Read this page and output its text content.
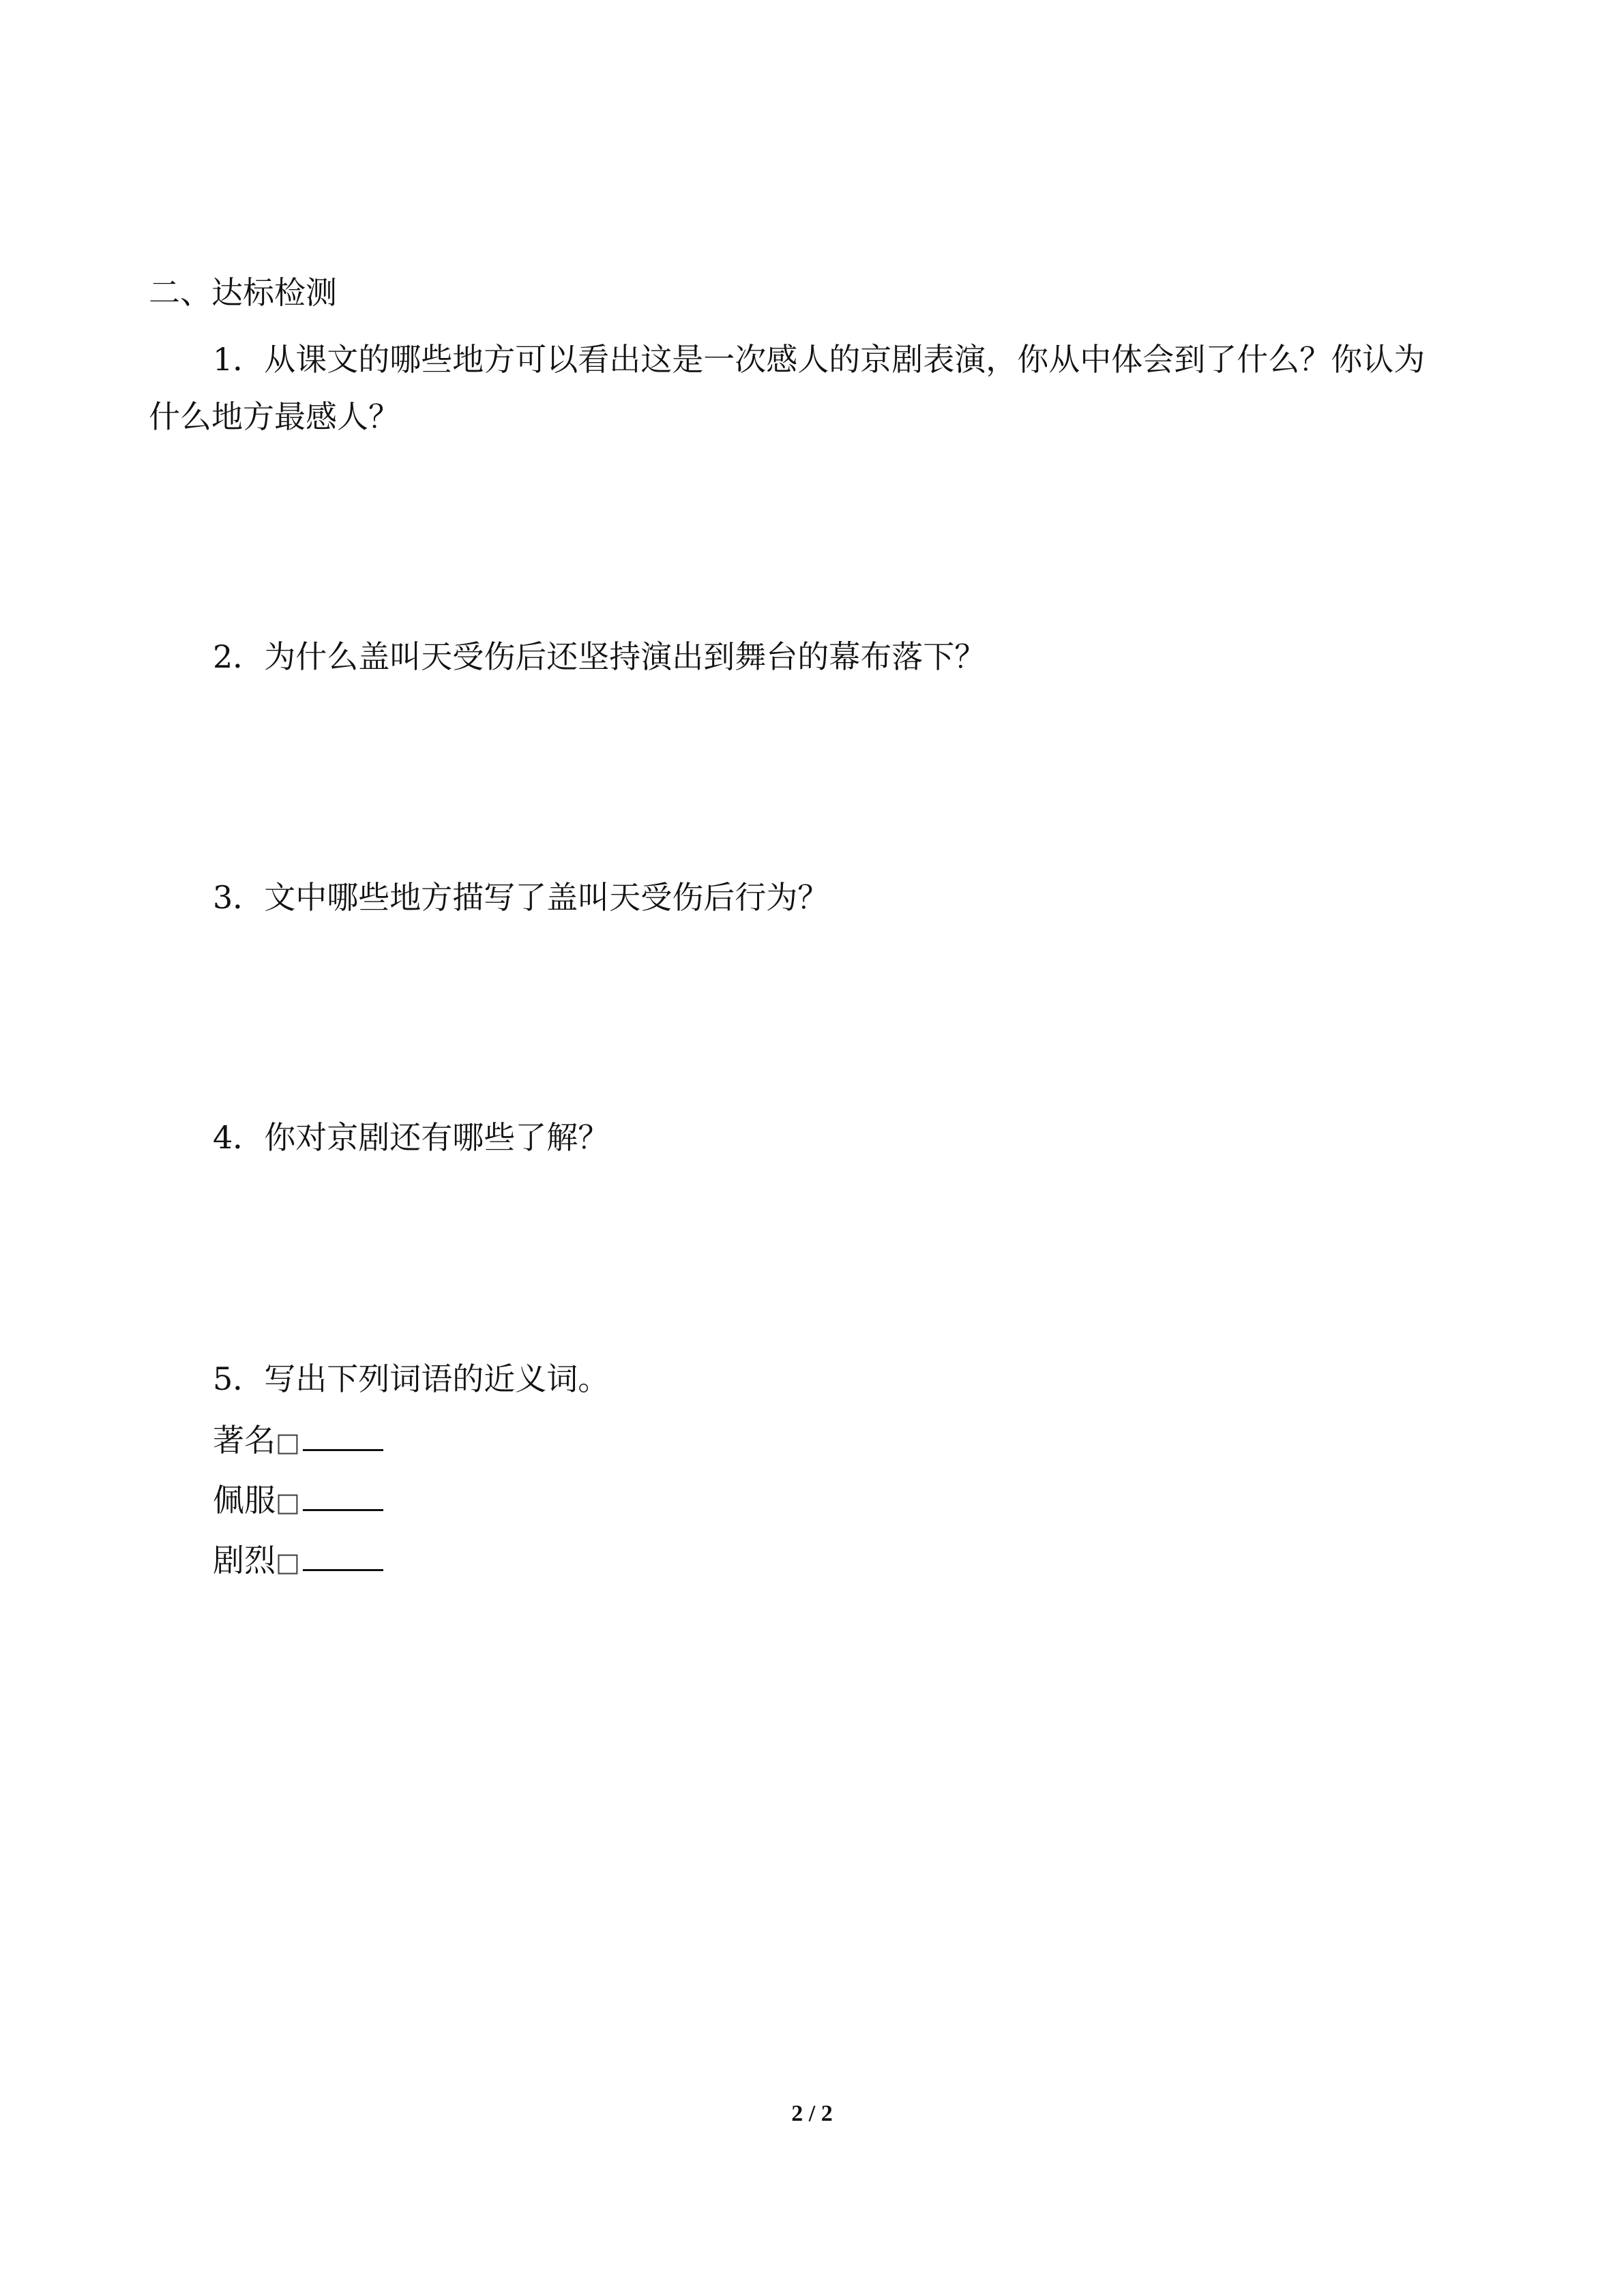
二、达标检测
1．从课文的哪些地方可以看出这是一次感人的京剧表演，你从中体会到了什么？你认为
什么地方最感人？
2．为什么盖叫天受伤后还坚持演出到舞台的幕布落下？
3．文中哪些地方描写了盖叫天受伤后行为？
4．你对京剧还有哪些了解？
5．写出下列词语的近义词。
著名□
佩服□
剧烈□
2 / 2
